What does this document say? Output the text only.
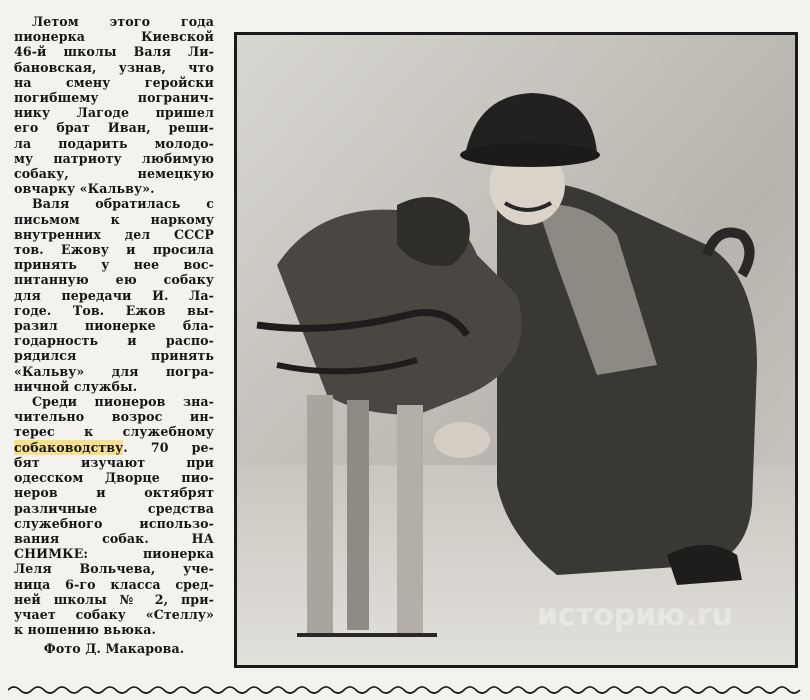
Летом этого года
пионерка Киевской
46-й школы Валя Ли-
бановская, узнав, что
на смену геройски
погибшему погранич-
нику Лагоде пришел
его брат Иван, реши-
ла подарить молодо-
му патриоту любимую
собаку, немецкую
овчарку «Кальву».
Валя обратилась с
письмом к наркому
внутренних дел СССР
тов. Ежову и просила
принять у нее вос-
питанную ею собаку
для передачи И. Ла-
годе. Тов. Ежов вы-
разил пионерке бла-
годарность и распо-
рядился принять
«Кальву» для погра-
ничной службы.
Среди пионеров зна-
чительно возрос ин-
терес к служебному
собаководству. 70 ре-
бят изучают при
одесском Дворце пио-
неров и октябрят
различные средства
служебного использо-
вания собак. НА
СНИМКЕ: пионерка
Леля Вольчева, уче-
ница 6-го класса сред-
ней школы № 2, при-
учает собаку «Стеллу»
к ношению вьюка.
Фото Д. Макарова.
историю.ru
